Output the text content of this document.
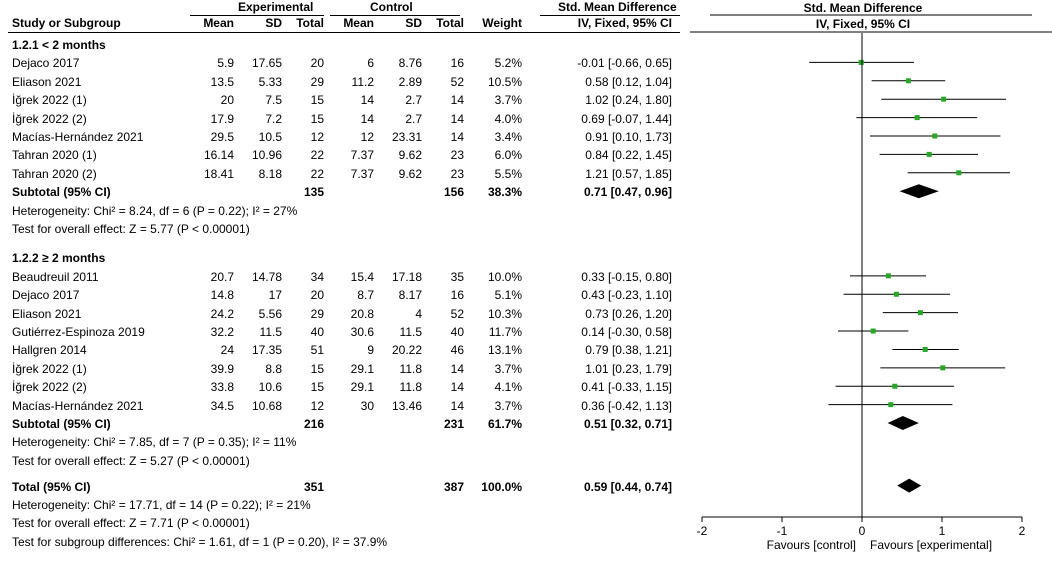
Experimental	Control	Std. Mean Difference
Study or Subgroup	Mean	SD	Total	Mean	SD	Total	Weight	IV, Fixed, 95% CI
1.2.1 < 2 months
Dejaco 2017	5.9	17.65	20	6	8.76	16	5.2%	-0.01 [-0.66, 0.65]
Eliason 2021	13.5	5.33	29	11.2	2.89	52	10.5%	0.58 [0.12, 1.04]
İğrek 2022 (1)	20	7.5	15	14	2.7	14	3.7%	1.02 [0.24, 1.80]
İğrek 2022 (2)	17.9	7.2	15	14	2.7	14	4.0%	0.69 [-0.07, 1.44]
Macías-Hernández 2021	29.5	10.5	12	12	23.31	14	3.4%	0.91 [0.10, 1.73]
Tahran 2020 (1)	16.14	10.96	22	7.37	9.62	23	6.0%	0.84 [0.22, 1.45]
Tahran 2020 (2)	18.41	8.18	22	7.37	9.62	23	5.5%	1.21 [0.57, 1.85]
Subtotal (95% CI)	135	156	38.3%	0.71 [0.47, 0.96]
Heterogeneity: Chi² = 8.24, df = 6 (P = 0.22); I² = 27%
Test for overall effect: Z = 5.77 (P < 0.00001)
1.2.2 ≥ 2 months
Beaudreuil 2011	20.7	14.78	34	15.4	17.18	35	10.0%	0.33 [-0.15, 0.80]
Dejaco 2017	14.8	17	20	8.7	8.17	16	5.1%	0.43 [-0.23, 1.10]
Eliason 2021	24.2	5.56	29	20.8	4	52	10.3%	0.73 [0.26, 1.20]
Gutiérrez-Espinoza 2019	32.2	11.5	40	30.6	11.5	40	11.7%	0.14 [-0.30, 0.58]
Hallgren 2014	24	17.35	51	9	20.22	46	13.1%	0.79 [0.38, 1.21]
İğrek 2022 (1)	39.9	8.8	15	29.1	11.8	14	3.7%	1.01 [0.23, 1.79]
İğrek 2022 (2)	33.8	10.6	15	29.1	11.8	14	4.1%	0.41 [-0.33, 1.15]
Macías-Hernández 2021	34.5	10.68	12	30	13.46	14	3.7%	0.36 [-0.42, 1.13]
Subtotal (95% CI)	216	231	61.7%	0.51 [0.32, 0.71]
Heterogeneity: Chi² = 7.85, df = 7 (P = 0.35); I² = 11%
Test for overall effect: Z = 5.27 (P < 0.00001)
Total (95% CI)	351	387	100.0%	0.59 [0.44, 0.74]
Heterogeneity: Chi² = 17.71, df = 14 (P = 0.22); I² = 21%
Test for overall effect: Z = 7.71 (P < 0.00001)
Test for subgroup differences: Chi² = 1.61, df = 1 (P = 0.20), I² = 37.9%
Std. Mean Difference
IV, Fixed, 95% CI
-2	-1	0	1	2
Favours [control] Favours [experimental]
